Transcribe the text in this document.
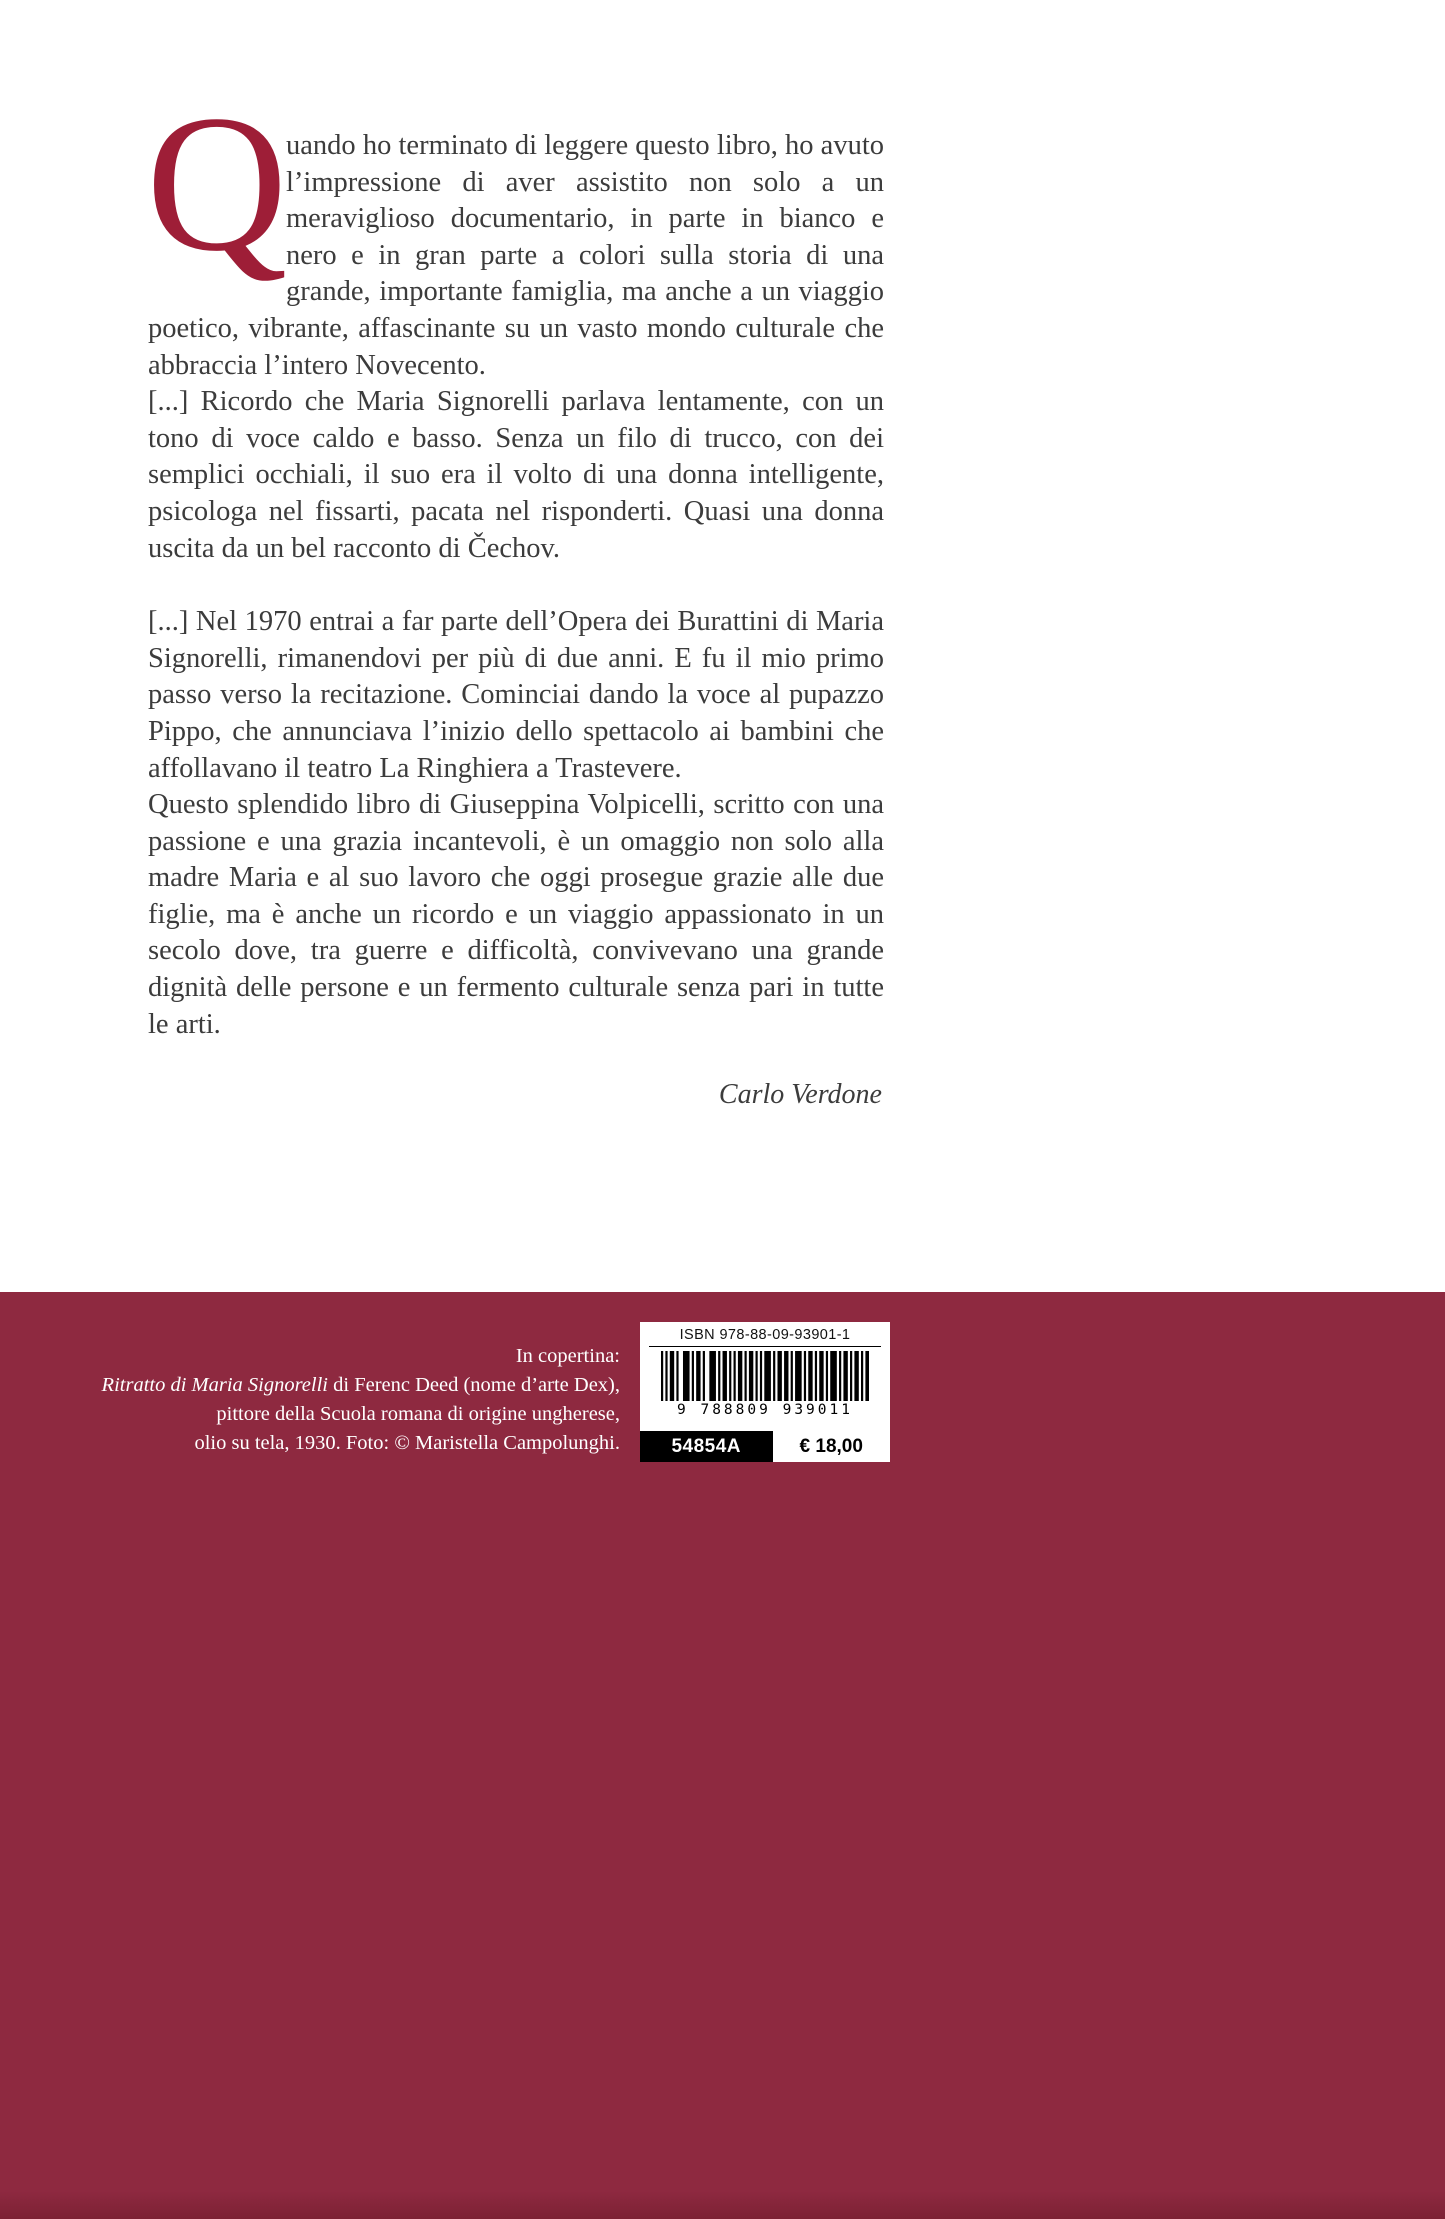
Q
uando ho terminato di leggere questo libro, ho avuto l’impressione di aver assistito non solo a un meraviglioso documentario, in parte in bianco e nero e in gran parte a colori sulla storia di una grande, importante famiglia, ma anche a un viaggio poetico, vibrante, affascinante su un vasto mondo culturale che abbraccia l’intero Novecento.

[...] Ricordo che Maria Signorelli parlava lentamente, con un tono di voce caldo e basso. Senza un filo di trucco, con dei semplici occhiali, il suo era il volto di una donna intelligente, psicologa nel fissarti, pacata nel risponderti. Quasi una donna uscita da un bel racconto di Čechov.

[...] Nel 1970 entrai a far parte dell’Opera dei Burattini di Maria Signorelli, rimanendovi per più di due anni. E fu il mio primo passo verso la recitazione. Cominciai dando la voce al pupazzo Pippo, che annunciava l’inizio dello spettacolo ai bambini che affollavano il teatro La Ringhiera a Trastevere.

Questo splendido libro di Giuseppina Volpicelli, scritto con una passione e una grazia incantevoli, è un omaggio non solo alla madre Maria e al suo lavoro che oggi prosegue grazie alle due figlie, ma è anche un ricordo e un viaggio appassionato in un secolo dove, tra guerre e difficoltà, convivevano una grande dignità delle persone e un fermento culturale senza pari in tutte le arti.

Carlo Verdone

In copertina:
Ritratto di Maria Signorelli di Ferenc Deed (nome d’arte Dex),
pittore della Scuola romana di origine ungherese,
olio su tela, 1930. Foto: © Maristella Campolunghi.
ISBN 978-88-09-93901-1
9 788809 939011
54854A	€ 18,00
